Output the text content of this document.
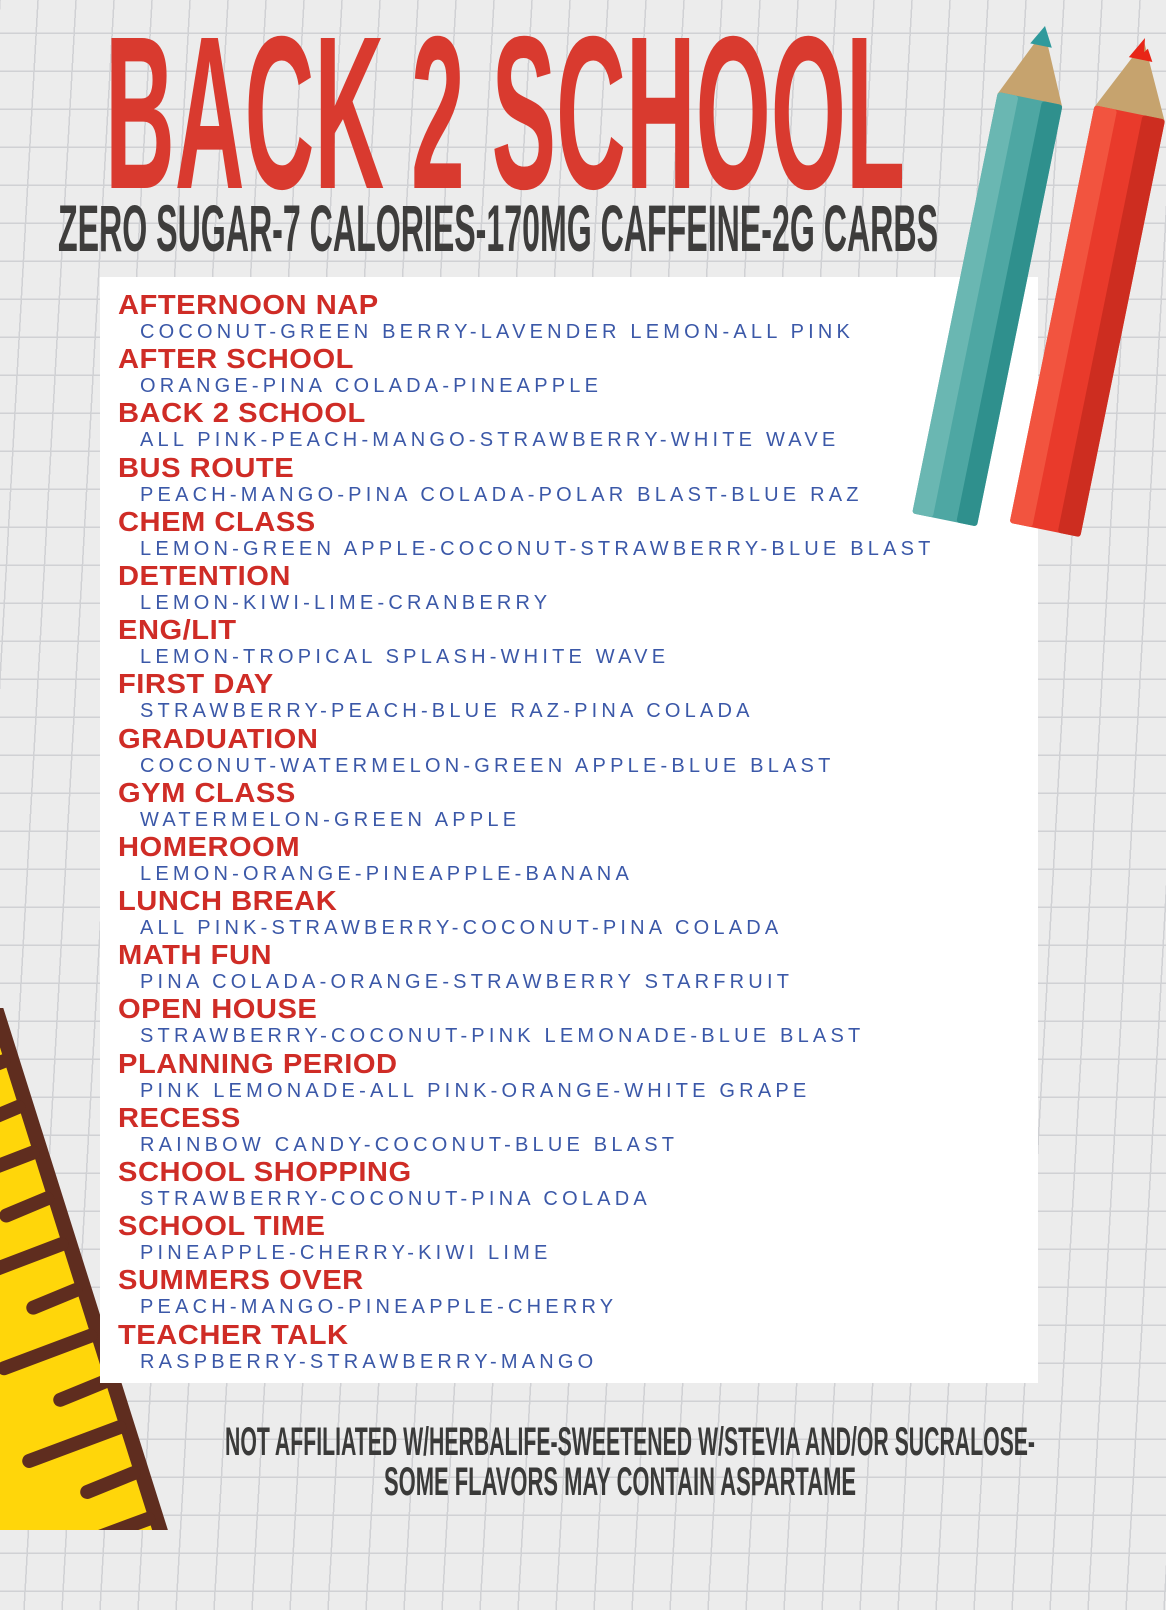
AFTERNOON NAP
COCONUT-GREEN BERRY-LAVENDER LEMON-ALL PINK
AFTER SCHOOL
ORANGE-PINA COLADA-PINEAPPLE
BACK 2 SCHOOL
ALL PINK-PEACH-MANGO-STRAWBERRY-WHITE WAVE
BUS ROUTE
PEACH-MANGO-PINA COLADA-POLAR BLAST-BLUE RAZ
CHEM CLASS
LEMON-GREEN APPLE-COCONUT-STRAWBERRY-BLUE BLAST
DETENTION
LEMON-KIWI-LIME-CRANBERRY
ENG/LIT
LEMON-TROPICAL SPLASH-WHITE WAVE
FIRST DAY
STRAWBERRY-PEACH-BLUE RAZ-PINA COLADA
GRADUATION
COCONUT-WATERMELON-GREEN APPLE-BLUE BLAST
GYM CLASS
WATERMELON-GREEN APPLE
HOMEROOM
LEMON-ORANGE-PINEAPPLE-BANANA
LUNCH BREAK
ALL PINK-STRAWBERRY-COCONUT-PINA COLADA
MATH FUN
PINA COLADA-ORANGE-STRAWBERRY STARFRUIT
OPEN HOUSE
STRAWBERRY-COCONUT-PINK LEMONADE-BLUE BLAST
PLANNING PERIOD
PINK LEMONADE-ALL PINK-ORANGE-WHITE GRAPE
RECESS
RAINBOW CANDY-COCONUT-BLUE BLAST
SCHOOL SHOPPING
STRAWBERRY-COCONUT-PINA COLADA
SCHOOL TIME
PINEAPPLE-CHERRY-KIWI LIME
SUMMERS OVER
PEACH-MANGO-PINEAPPLE-CHERRY
TEACHER TALK
RASPBERRY-STRAWBERRY-MANGO
BACK 2 SCHOOL
ZERO SUGAR-7 CALORIES-170MG CAFFEINE-2G CARBS
NOT AFFILIATED W/HERBALIFE-SWEETENED W/STEVIA AND/OR SUCRALOSE-
SOME FLAVORS MAY CONTAIN ASPARTAME
